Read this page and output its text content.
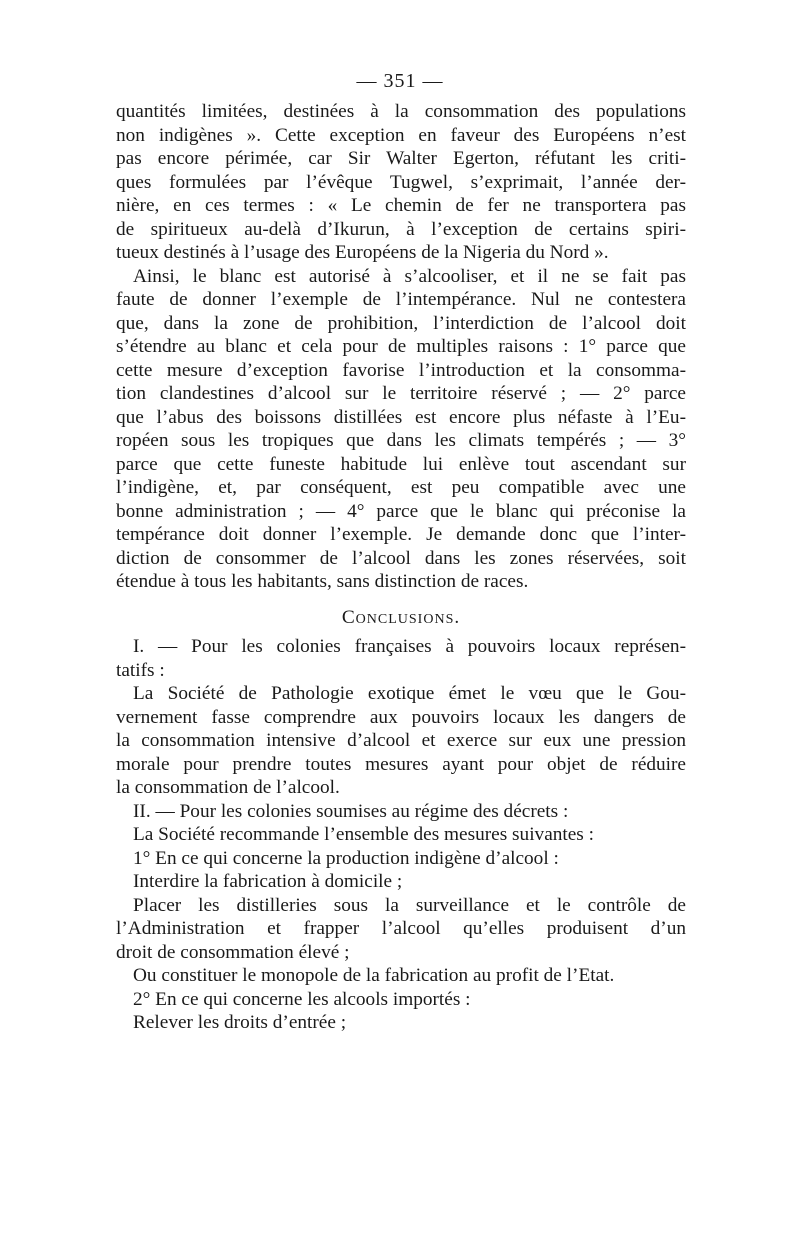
— 351 —
quantités limitées, destinées à la consommation des populations
non indigènes ». Cette exception en faveur des Européens n’est
pas encore périmée, car Sir Walter Egerton, réfutant les criti-
ques formulées par l’évêque Tugwel, s’exprimait, l’année der-
nière, en ces termes : « Le chemin de fer ne transportera pas
de spiritueux au-delà d’Ikurun, à l’exception de certains spiri-
tueux destinés à l’usage des Européens de la Nigeria du Nord ».
Ainsi, le blanc est autorisé à s’alcooliser, et il ne se fait pas
faute de donner l’exemple de l’intempérance. Nul ne contestera
que, dans la zone de prohibition, l’interdiction de l’alcool doit
s’étendre au blanc et cela pour de multiples raisons : 1° parce que
cette mesure d’exception favorise l’introduction et la consomma-
tion clandestines d’alcool sur le territoire réservé ; — 2° parce
que l’abus des boissons distillées est encore plus néfaste à l’Eu-
ropéen sous les tropiques que dans les climats tempérés ; — 3°
parce que cette funeste habitude lui enlève tout ascendant sur
l’indigène, et, par conséquent, est peu compatible avec une
bonne administration ; — 4° parce que le blanc qui préconise la
tempérance doit donner l’exemple. Je demande donc que l’inter-
diction de consommer de l’alcool dans les zones réservées, soit
étendue à tous les habitants, sans distinction de races.
Conclusions.
I. — Pour les colonies françaises à pouvoirs locaux représen-
tatifs :
La Société de Pathologie exotique émet le vœu que le Gou-
vernement fasse comprendre aux pouvoirs locaux les dangers de
la consommation intensive d’alcool et exerce sur eux une pression
morale pour prendre toutes mesures ayant pour objet de réduire
la consommation de l’alcool.
II. — Pour les colonies soumises au régime des décrets :
La Société recommande l’ensemble des mesures suivantes :
1° En ce qui concerne la production indigène d’alcool :
Interdire la fabrication à domicile ;
Placer les distilleries sous la surveillance et le contrôle de
l’Administration et frapper l’alcool qu’elles produisent d’un
droit de consommation élevé ;
Ou constituer le monopole de la fabrication au profit de l’Etat.
2° En ce qui concerne les alcools importés :
Relever les droits d’entrée ;
